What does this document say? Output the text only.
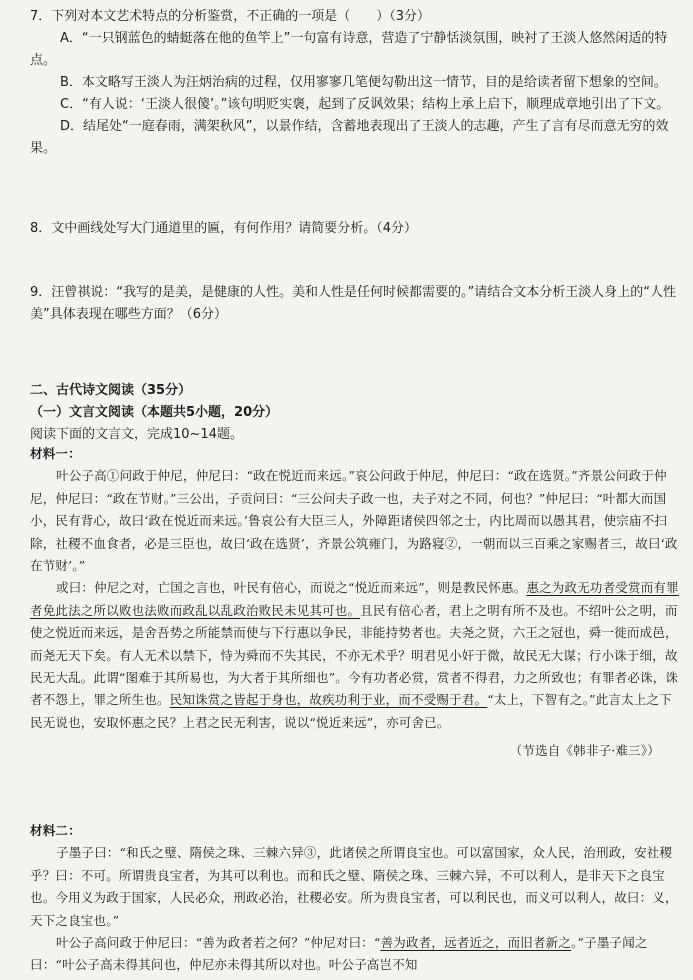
7．下列对本文艺术特点的分析鉴赏，不正确的一项是（　　）（3分）
A．“一只钢蓝色的蜻蜓落在他的鱼竿上”一句富有诗意，营造了宁静恬淡氛围，映衬了王淡人悠然闲适的特点。
B．本文略写王淡人为汪炳治病的过程，仅用寥寥几笔便勾勒出这一情节，目的是给读者留下想象的空间。
C．“有人说：‘王淡人很傻’。”该句明贬实褒，起到了反讽效果；结构上承上启下，顺理成章地引出了下文。
D．结尾处“一庭春雨，满架秋风”，以景作结，含蓄地表现出了王淡人的志趣，产生了言有尽而意无穷的效果。
8．文中画线处写大门通道里的匾，有何作用？请简要分析。（4分）
9．汪曾祺说：“我写的是美，是健康的人性。美和人性是任何时候都需要的。”请结合文本分析王淡人身上的“人性美”具体表现在哪些方面？（6分）
二、古代诗文阅读（35分）
（一）文言文阅读（本题共5小题，20分）
阅读下面的文言文，完成10~14题。
材料一：
叶公子高①问政于仲尼，仲尼曰：“政在悦近而来远。”哀公问政于仲尼，仲尼曰：“政在选贤。”齐景公问政于仲尼，仲尼曰：“政在节财。”三公出，子贡问曰：“三公问夫子政一也，夫子对之不同，何也？”仲尼曰：“叶都大而国小，民有背心，故曰‘政在悦近而来远。’鲁哀公有大臣三人，外障距诸侯四邻之士，内比周而以愚其君，使宗庙不扫除，社稷不血食者，必是三臣也，故曰‘政在选贤’，齐景公筑雍门，为路寝②，一朝而以三百乘之家赐者三，故曰‘政在节财’。”
或曰：仲尼之对，亡国之言也，叶民有倍心，而说之“悦近而来远”，则是教民怀惠。惠之为政无功者受赏而有罪者免此法之所以败也法败而政乱以乱政治败民未见其可也。且民有倍心者，君上之明有所不及也。不绍叶公之明，而使之悦近而来远，是舍吾势之所能禁而使与下行惠以争民，非能持势者也。夫尧之贤，六王之冠也，舜一徙而成邑，而尧无天下矣。有人无术以禁下，恃为舜而不失其民，不亦无术乎？明君见小奸于微，故民无大谋；行小诛于细，故民无大乱。此谓“图难于其所易也，为大者于其所细也”。今有功者必赏，赏者不得君，力之所致也；有罪者必诛，诛者不怨上，罪之所生也。民知诛赏之皆起于身也，故疾功利于业，而不受赐于君。“太上，下智有之。”此言太上之下民无说也，安取怀惠之民？上君之民无利害，说以“悦近来远”，亦可舍已。
（节选自《韩非子·难三》）
材料二：
子墨子曰：“和氏之璧、隋侯之珠、三棘六异③，此诸侯之所谓良宝也。可以富国家，众人民，治刑政，安社稷乎？曰：不可。所谓贵良宝者，为其可以利也。而和氏之璧、隋侯之珠、三棘六异，不可以利人，是非天下之良宝也。今用义为政于国家，人民必众，刑政必治，社稷必安。所为贵良宝者，可以利民也，而义可以利人，故曰：义，天下之良宝也。”
叶公子高问政于仲尼曰：“善为政者若之何？”仲尼对曰：“善为政者，远者近之，而旧者新之。”子墨子闻之曰：“叶公子高未得其问也，仲尼亦未得其所以对也。叶公子高岂不知
